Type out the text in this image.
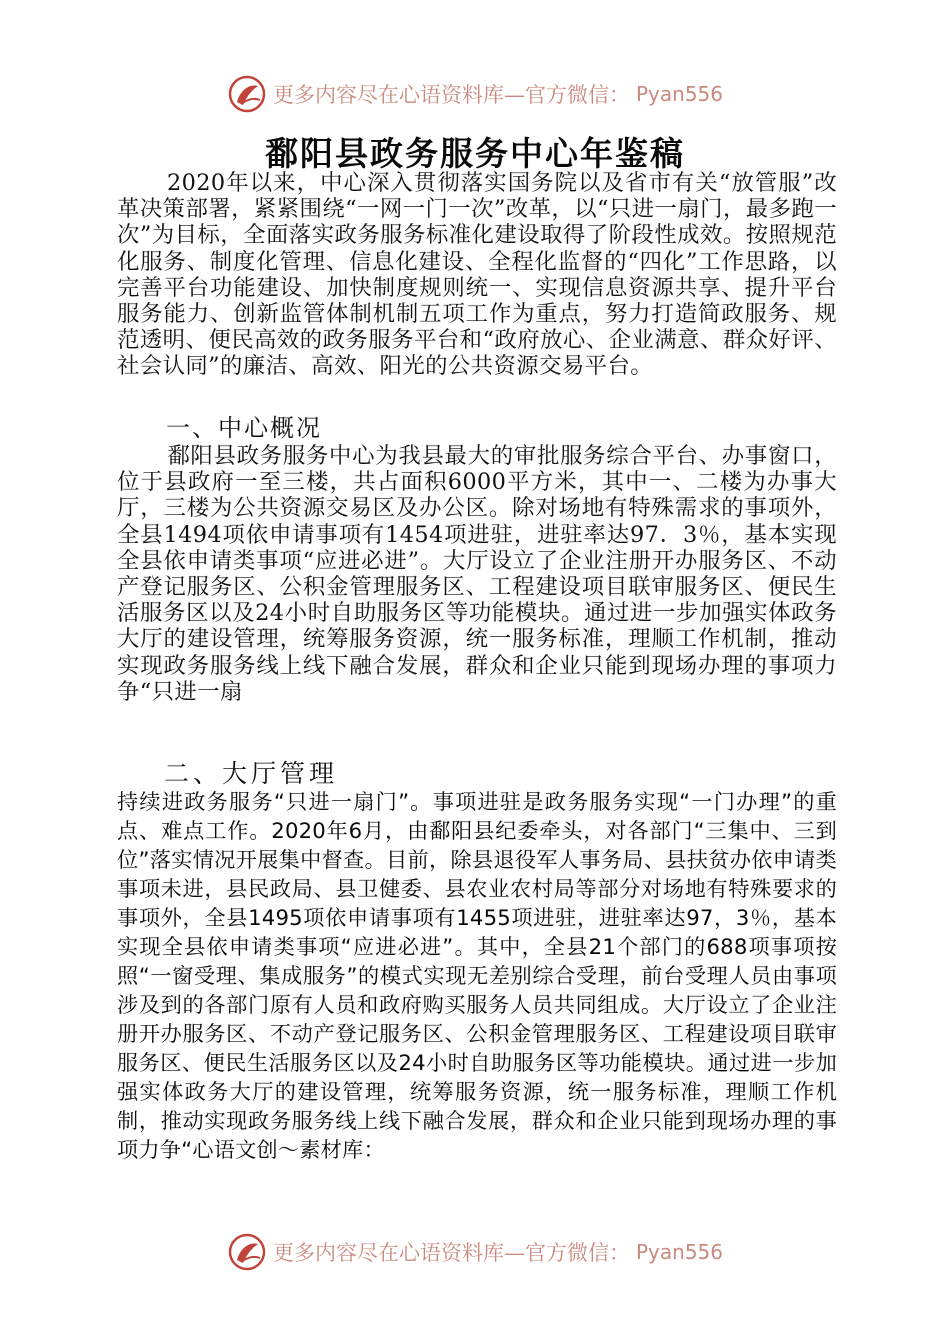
更多内容尽在心语资料库—官方微信： Pyan556
鄱阳县政务服务中心年鉴稿
2020年以来，中心深入贯彻落实国务院以及省市有关“放管服”改革决策部署，紧紧围绕“一网一门一次”改革，以“只进一扇门，最多跑一次”为目标，全面落实政务服务标准化建设取得了阶段性成效。按照规范化服务、制度化管理、信息化建设、全程化监督的“四化”工作思路，以完善平台功能建设、加快制度规则统一、实现信息资源共享、提升平台服务能力、创新监管体制机制五项工作为重点，努力打造简政服务、规范透明、便民高效的政务服务平台和“政府放心、企业满意、群众好评、社会认同”的廉洁、高效、阳光的公共资源交易平台。
一、中心概况
鄱阳县政务服务中心为我县最大的审批服务综合平台、办事窗口，位于县政府一至三楼，共占面积6000平方米，其中一、二楼为办事大厅，三楼为公共资源交易区及办公区。除对场地有特殊需求的事项外，全县1494项依申请事项有1454项进驻，进驻率达97．3％，基本实现全县依申请类事项“应进必进”。大厅设立了企业注册开办服务区、不动产登记服务区、公积金管理服务区、工程建设项目联审服务区、便民生活服务区以及24小时自助服务区等功能模块。通过进一步加强实体政务大厅的建设管理，统筹服务资源，统一服务标准，理顺工作机制，推动实现政务服务线上线下融合发展，群众和企业只能到现场办理的事项力争“只进一扇
二、大厅管理
持续进政务服务“只进一扇门”。事项进驻是政务服务实现“一门办理”的重点、难点工作。2020年6月，由鄱阳县纪委牵头，对各部门“三集中、三到位”落实情况开展集中督查。目前，除县退役军人事务局、县扶贫办依申请类事项未进，县民政局、县卫健委、县农业农村局等部分对场地有特殊要求的事项外，全县1495项依申请事项有1455项进驻，进驻率达97，3％，基本实现全县依申请类事项“应进必进”。其中，全县21个部门的688项事项按照“一窗受理、集成服务”的模式实现无差别综合受理，前台受理人员由事项涉及到的各部门原有人员和政府购买服务人员共同组成。大厅设立了企业注册开办服务区、不动产登记服务区、公积金管理服务区、工程建设项目联审服务区、便民生活服务区以及24小时自助服务区等功能模块。通过进一步加强实体政务大厅的建设管理，统筹服务资源，统一服务标准，理顺工作机制，推动实现政务服务线上线下融合发展，群众和企业只能到现场办理的事项力争“心语文创～素材库：
更多内容尽在心语资料库—官方微信： Pyan556
